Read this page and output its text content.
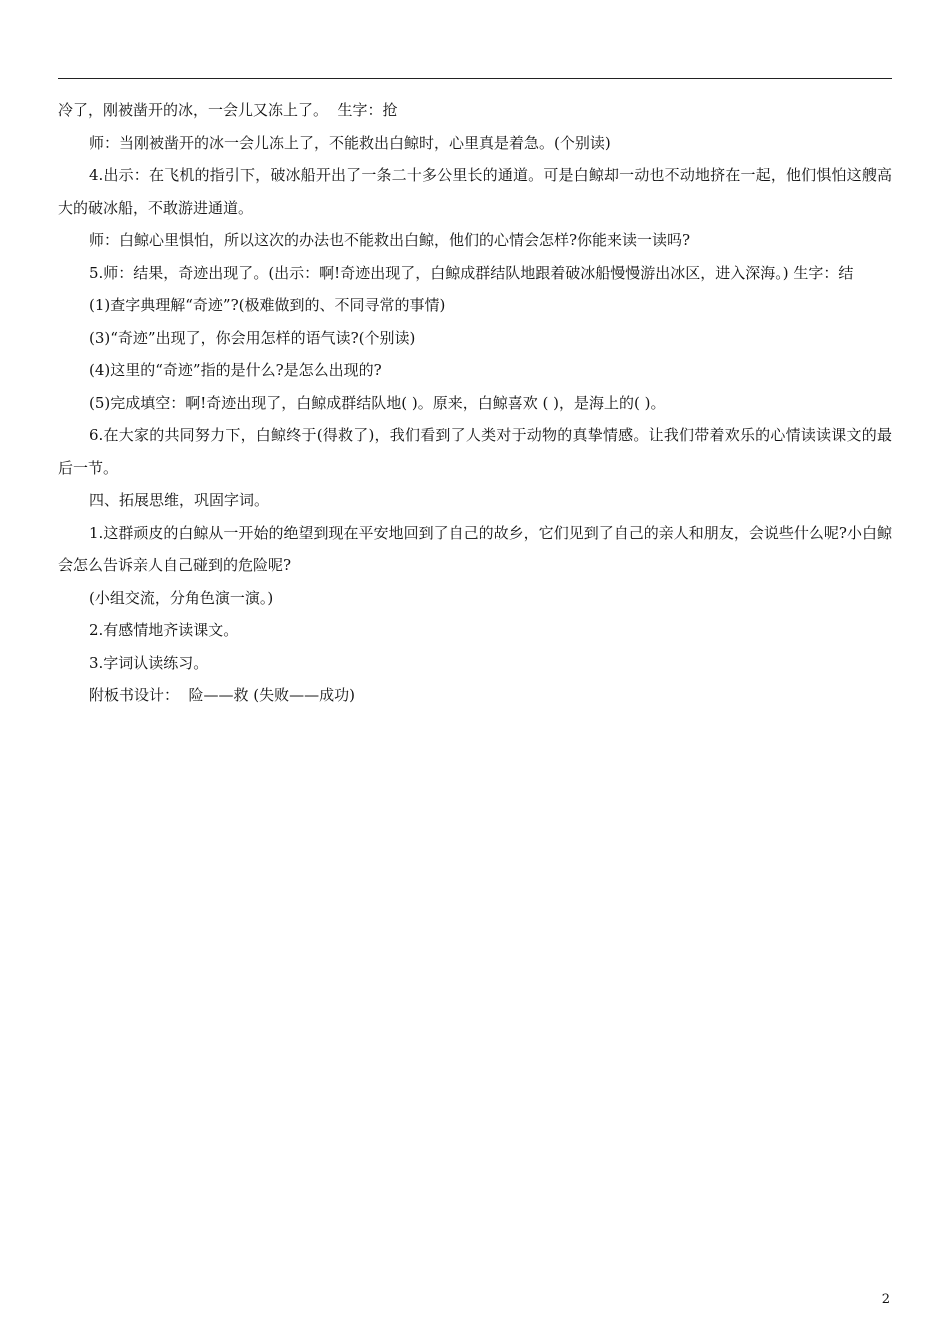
冷了，刚被凿开的冰，一会儿又冻上了。  生字：抢

师：当刚被凿开的冰一会儿冻上了，不能救出白鲸时，心里真是着急。(个别读)

4.出示：在飞机的指引下，破冰船开出了一条二十多公里长的通道。可是白鲸却一动也不动地挤在一起，他们惧怕这艘高大的破冰船，不敢游进通道。

师：白鲸心里惧怕，所以这次的办法也不能救出白鲸，他们的心情会怎样?你能来读一读吗?

5.师：结果，奇迹出现了。(出示：啊!奇迹出现了，白鲸成群结队地跟着破冰船慢慢游出冰区，进入深海。) 生字：结

(1)查字典理解“奇迹”?(极难做到的、不同寻常的事情)

(3)“奇迹”出现了，你会用怎样的语气读?(个别读)

(4)这里的“奇迹”指的是什么?是怎么出现的?

(5)完成填空：啊!奇迹出现了，白鲸成群结队地( )。原来，白鲸喜欢 ( )，是海上的( )。

6.在大家的共同努力下，白鲸终于(得救了)，我们看到了人类对于动物的真挚情感。让我们带着欢乐的心情读读课文的最后一节。

四、拓展思维，巩固字词。

1.这群顽皮的白鲸从一开始的绝望到现在平安地回到了自己的故乡，它们见到了自己的亲人和朋友，会说些什么呢?小白鲸会怎么告诉亲人自己碰到的危险呢?

(小组交流，分角色演一演。)

2.有感情地齐读课文。

3.字词认读练习。

附板书设计：  险——救 (失败——成功)

2
